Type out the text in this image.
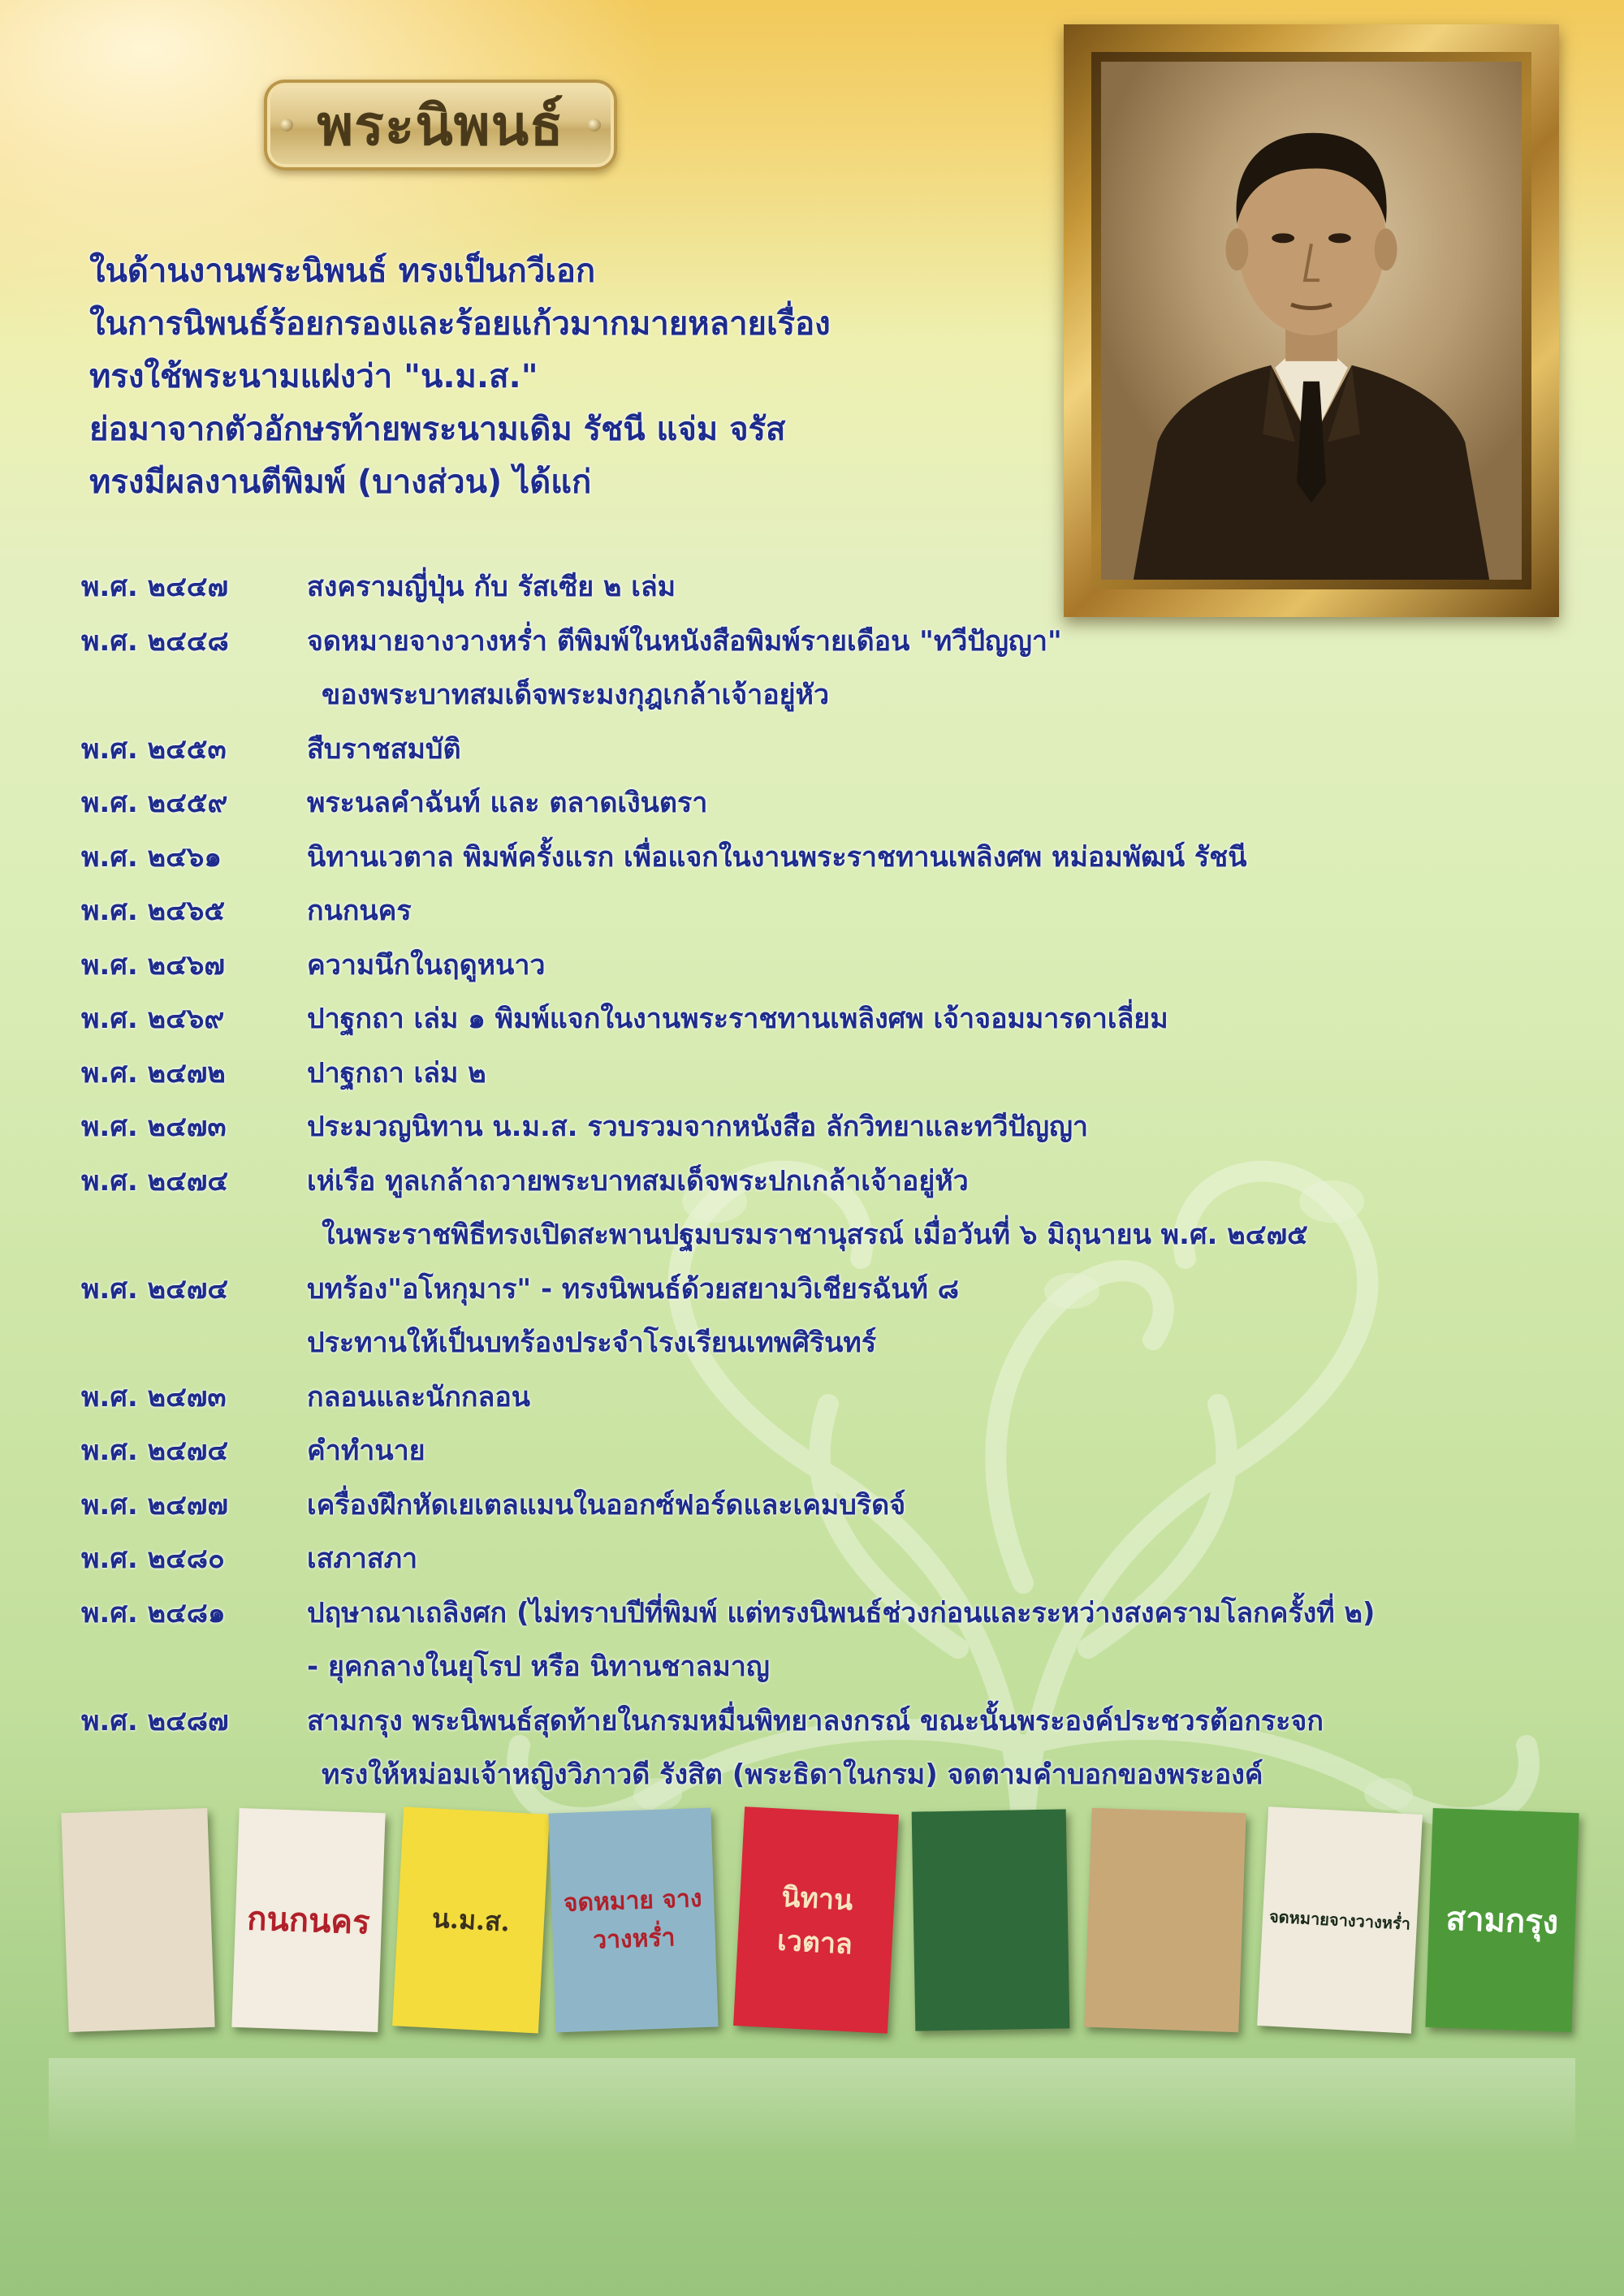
พระนิพนธ์
ในด้านงานพระนิพนธ์ ทรงเป็นกวีเอก
ในการนิพนธ์ร้อยกรองและร้อยแก้วมากมายหลายเรื่อง
ทรงใช้พระนามแฝงว่า "น.ม.ส."
ย่อมาจากตัวอักษรท้ายพระนามเดิม รัชนี แจ่ม จรัส
ทรงมีผลงานตีพิมพ์ (บางส่วน) ได้แก่
พ.ศ. ๒๔๔๗	สงครามญี่ปุ่น กับ รัสเซีย ๒ เล่ม
พ.ศ. ๒๔๔๘	จดหมายจางวางหร่ำ ตีพิมพ์ในหนังสือพิมพ์รายเดือน "ทวีปัญญา"
ของพระบาทสมเด็จพระมงกุฎเกล้าเจ้าอยู่หัว
พ.ศ. ๒๔๕๓	สืบราชสมบัติ
พ.ศ. ๒๔๕๙	พระนลคำฉันท์ และ ตลาดเงินตรา
พ.ศ. ๒๔๖๑	นิทานเวตาล พิมพ์ครั้งแรก เพื่อแจกในงานพระราชทานเพลิงศพ หม่อมพัฒน์ รัชนี
พ.ศ. ๒๔๖๕	กนกนคร
พ.ศ. ๒๔๖๗	ความนึกในฤดูหนาว
พ.ศ. ๒๔๖๙	ปาฐกถา เล่ม ๑ พิมพ์แจกในงานพระราชทานเพลิงศพ เจ้าจอมมารดาเลี่ยม
พ.ศ. ๒๔๗๒	ปาฐกถา เล่ม ๒
พ.ศ. ๒๔๗๓	ประมวญนิทาน น.ม.ส. รวบรวมจากหนังสือ ลักวิทยาและทวีปัญญา
พ.ศ. ๒๔๗๔	เห่เรือ ทูลเกล้าถวายพระบาทสมเด็จพระปกเกล้าเจ้าอยู่หัว
ในพระราชพิธีทรงเปิดสะพานปฐมบรมราชานุสรณ์ เมื่อวันที่ ๖ มิถุนายน พ.ศ. ๒๔๗๕
พ.ศ. ๒๔๗๔	บทร้อง"อโหกุมาร" - ทรงนิพนธ์ด้วยสยามวิเชียรฉันท์ ๘
ประทานให้เป็นบทร้องประจำโรงเรียนเทพศิรินทร์
พ.ศ. ๒๔๗๓	กลอนและนักกลอน
พ.ศ. ๒๔๗๔	คำทำนาย
พ.ศ. ๒๔๗๗	เครื่องฝึกหัดเยเตลแมนในออกซ์ฟอร์ดและเคมบริดจ์
พ.ศ. ๒๔๘๐	เสภาสภา
พ.ศ. ๒๔๘๑	ปฤษาณาเถลิงศก (ไม่ทราบปีที่พิมพ์ แต่ทรงนิพนธ์ช่วงก่อนและระหว่างสงครามโลกครั้งที่ ๒)
- ยุคกลางในยุโรป หรือ นิทานชาลมาญ
พ.ศ. ๒๔๘๗	สามกรุง พระนิพนธ์สุดท้ายในกรมหมื่นพิทยาลงกรณ์ ขณะนั้นพระองค์ประชวรต้อกระจก
ทรงให้หม่อมเจ้าหญิงวิภาวดี รังสิต (พระธิดาในกรม) จดตามคำบอกของพระองค์
กนกนคร น.ม.ส.
จดหมาย จางวางหร่ำ
นิทาน เวตาล
จดหมายจางวางหร่ำ สามกรุง
